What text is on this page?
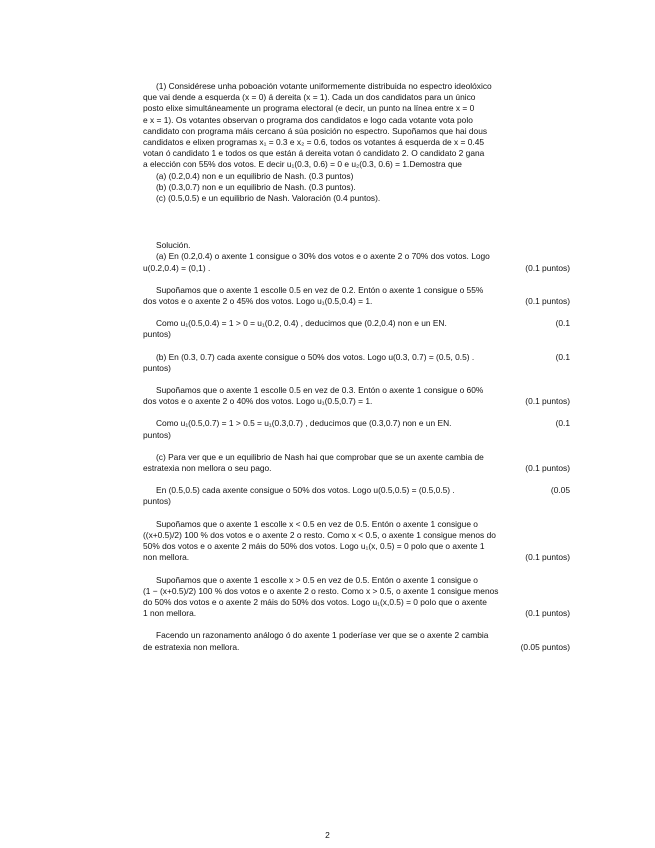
(1) Considérese unha poboación votante uniformemente distribuida no espectro ideolóxico
que vai dende a esquerda (x = 0) á dereita (x = 1). Cada un dos candidatos para un único
posto elixe simultáneamente un programa electoral (e decir, un punto na línea entre x = 0
e x = 1). Os votantes observan o programa dos candidatos e logo cada votante vota polo
candidato con programa máis cercano á súa posición no espectro. Supoñamos que hai dous
candidatos e elixen programas x₁ = 0.3 e x₂ = 0.6, todos os votantes á esquerda de x = 0.45
votan ó candidato 1 e todos os que están á dereita votan ó candidato 2. O candidato 2 gana
a elección con 55% dos votos. E decir u₁(0.3, 0.6) = 0 e u₂(0.3, 0.6) = 1.Demostra que
(a) (0.2,0.4) non e un equilibrio de Nash. (0.3 puntos)
(b) (0.3,0.7) non e un equilibrio de Nash. (0.3 puntos).
(c) (0.5,0.5) e un equilibrio de Nash. Valoración (0.4 puntos).
Solución.
(a) En (0.2,0.4) o axente 1 consigue o 30% dos votos e o axente 2 o 70% dos votos. Logo
u(0.2,0.4) = (0,1) .	(0.1 puntos)
Supoñamos que o axente 1 escolle 0.5 en vez de 0.2. Entón o axente 1 consigue o 55%
dos votos e o axente 2 o 45% dos votos. Logo u₁(0.5,0.4) = 1.	(0.1 puntos)
Como u₁(0.5,0.4) = 1 > 0 = u₁(0.2, 0.4) , deducimos que (0.2,0.4) non e un EN.	(0.1
puntos)
(b) En (0.3, 0.7) cada axente consigue o 50% dos votos. Logo u(0.3, 0.7) = (0.5, 0.5) .	(0.1
puntos)
Supoñamos que o axente 1 escolle 0.5 en vez de 0.3. Entón o axente 1 consigue o 60%
dos votos e o axente 2 o 40% dos votos. Logo u₁(0.5,0.7) = 1.	(0.1 puntos)
Como u₁(0.5,0.7) = 1 > 0.5 = u₁(0.3,0.7) , deducimos que (0.3,0.7) non e un EN.	(0.1
puntos)
(c) Para ver que e un equilibrio de Nash hai que comprobar que se un axente cambia de
estratexia non mellora o seu pago.	(0.1 puntos)
En (0.5,0.5) cada axente consigue o 50% dos votos. Logo u(0.5,0.5) = (0.5,0.5) .	(0.05
puntos)
Supoñamos que o axente 1 escolle x < 0.5 en vez de 0.5. Entón o axente 1 consigue o
((x+0.5)/2) 100 % dos votos e o axente 2 o resto. Como x < 0.5, o axente 1 consigue menos do
50% dos votos e o axente 2 máis do 50% dos votos. Logo u₁(x, 0.5) = 0 polo que o axente 1
non mellora.	(0.1 puntos)
Supoñamos que o axente 1 escolle x > 0.5 en vez de 0.5. Entón o axente 1 consigue o
(1 − (x+0.5)/2) 100 % dos votos e o axente 2 o resto. Como x > 0.5, o axente 1 consigue menos
do 50% dos votos e o axente 2 máis do 50% dos votos. Logo u₁(x,0.5) = 0 polo que o axente
1 non mellora.	(0.1 puntos)
Facendo un razonamento análogo ó do axente 1 poderíase ver que se o axente 2 cambia
de estratexia non mellora.	(0.05 puntos)
2
